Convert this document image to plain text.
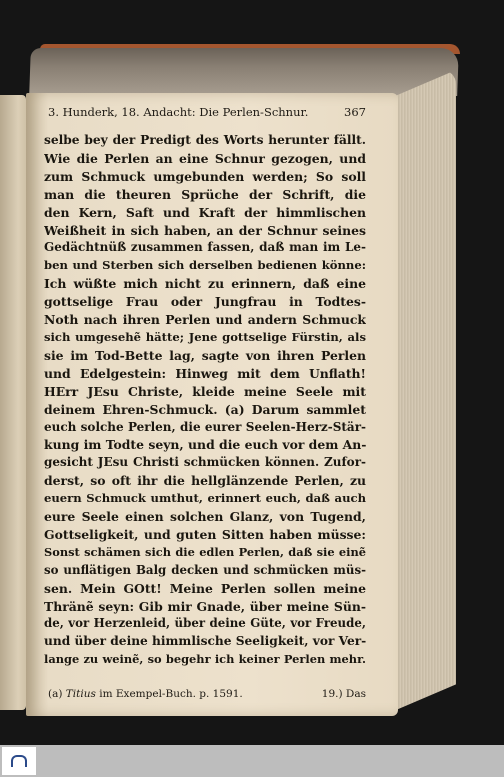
3. Hunderk, 18. Andacht: Die Perlen-Schnur.	367
selbe bey der Predigt des Worts herunter fällt.
Wie die Perlen an eine Schnur gezogen, und
zum Schmuck umgebunden werden; So soll
man die theuren Sprüche der Schrift, die
den Kern, Saft und Kraft der himmlischen
Weißheit in sich haben, an der Schnur seines
Gedächtnüß zusammen fassen, daß man im Le-
ben und Sterben sich derselben bedienen könne:
Ich wüßte mich nicht zu erinnern, daß eine
gottselige Frau oder Jungfrau in Todtes-
Noth nach ihren Perlen und andern Schmuck
sich umgesehẽ hätte; Jene gottselige Fürstin, als
sie im Tod-Bette lag, sagte von ihren Perlen
und Edelgestein: Hinweg mit dem Unflath!
HErr JEsu Christe, kleide meine Seele mit
deinem Ehren-Schmuck. (a) Darum sammlet
euch solche Perlen, die eurer Seelen-Herz-Stär-
kung im Todte seyn, und die euch vor dem An-
gesicht JEsu Christi schmücken können. Zufor-
derst, so oft ihr die hellglänzende Perlen, zu
euern Schmuck umthut, erinnert euch, daß auch
eure Seele einen solchen Glanz, von Tugend,
Gottseligkeit, und guten Sitten haben müsse:
Sonst schämen sich die edlen Perlen, daß sie einẽ
so unflätigen Balg decken und schmücken müs-
sen. Mein GOtt! Meine Perlen sollen meine
Thränẽ seyn: Gib mir Gnade, über meine Sün-
de, vor Herzenleid, über deine Güte, vor Freude,
und über deine himmlische Seeligkeit, vor Ver-
lange zu weinẽ, so begehr ich keiner Perlen mehr.
(a) Titius im Exempel-Buch. p. 1591.	19.) Das
